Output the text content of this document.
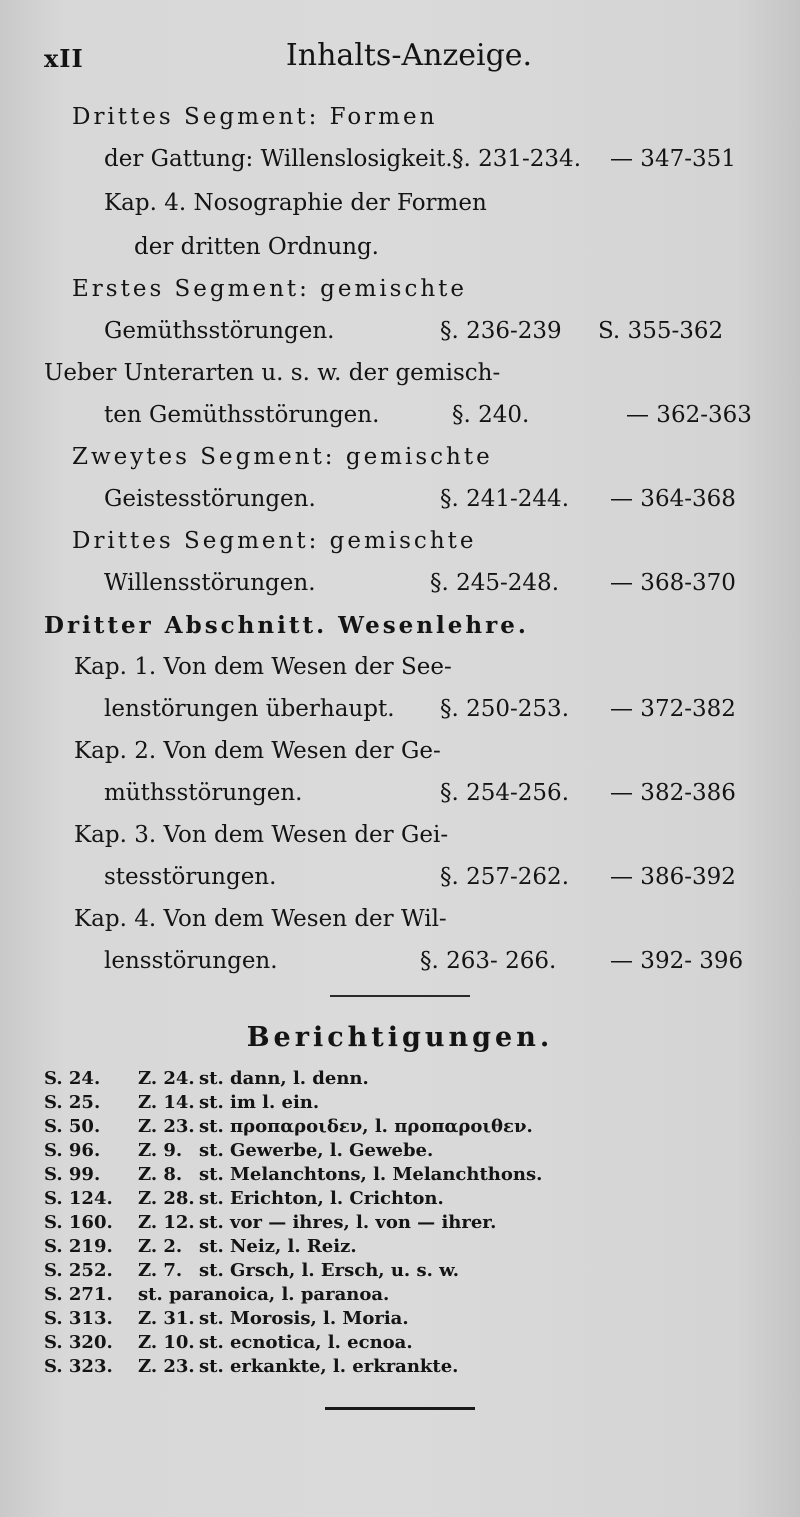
xII	Inhalts-Anzeige.
Drittes Segment: Formen
der Gattung: Willenslosigkeit. §. 231-234. — 347-351
Kap. 4. Nosographie der Formen
der dritten Ordnung.
Erstes Segment: gemischte
Gemüthsstörungen.	§. 236-239 S. 355-362
Ueber Unterarten u. s. w. der gemisch-
ten Gemüthsstörungen.	§. 240.	— 362-363
Zweytes Segment: gemischte
Geistesstörungen.	§. 241-244. — 364-368
Drittes Segment: gemischte
Willensstörungen.	§. 245-248. — 368-370
Dritter Abschnitt. Wesenlehre.
Kap. 1. Von dem Wesen der See-
lenstörungen überhaupt. §. 250-253. — 372-382
Kap. 2. Von dem Wesen der Ge-
müthsstörungen.	§. 254-256. — 382-386
Kap. 3. Von dem Wesen der Gei-
stesstörungen.	§. 257-262. — 386-392
Kap. 4. Von dem Wesen der Wil-
lensstörungen.	§. 263- 266. — 392- 396
Berichtigungen.
S. 24.	Z. 24. st. dann, l. denn.
S. 25.	Z. 14. st. im l. ein.
S. 50.	Z. 23. st. προπαροιδεν, l. προπαροιθεν.
S. 96.	Z. 9. st. Gewerbe, l. Gewebe.
S. 99.	Z. 8. st. Melanchtons, l. Melanchthons.
S. 124.	Z. 28. st. Erichton, l. Crichton.
S. 160.	Z. 12. st. vor — ihres, l. von — ihrer.
S. 219.	Z. 2. st. Neiz, l. Reiz.
S. 252.	Z. 7. st. Grsch, l. Ersch, u. s. w.
S. 271.	st. paranoica, l. paranoa.
S. 313.	Z. 31. st. Morosis, l. Moria.
S. 320.	Z. 10. st. ecnotica, l. ecnoa.
S. 323.	Z. 23. st. erkankte, l. erkrankte.
